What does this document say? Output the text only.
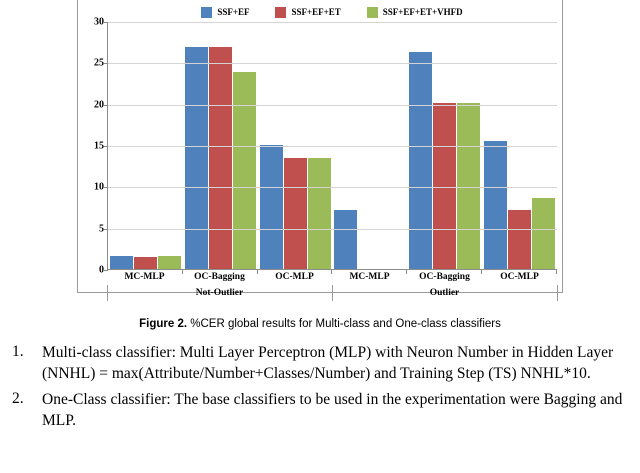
SSF+EF	SSF+EF+ET	SSF+EF+ET+VHFD
0
5
10
15
20
25
30
MC-MLP	OC-Bagging	OC-MLP	MC-MLP	OC-Bagging	OC-MLP
Not-Outlier	Outlier
Figure 2. %CER global results for Multi-class and One-class classifiers
1.	Multi-class classifier: Multi Layer Perceptron (MLP) with Neuron Number in Hidden Layer (NNHL) = max(Attribute/Number+Classes/Number) and Training Step (TS) NNHL*10.
2.	One-Class classifier: The base classifiers to be used in the experimentation were Bagging and MLP.
